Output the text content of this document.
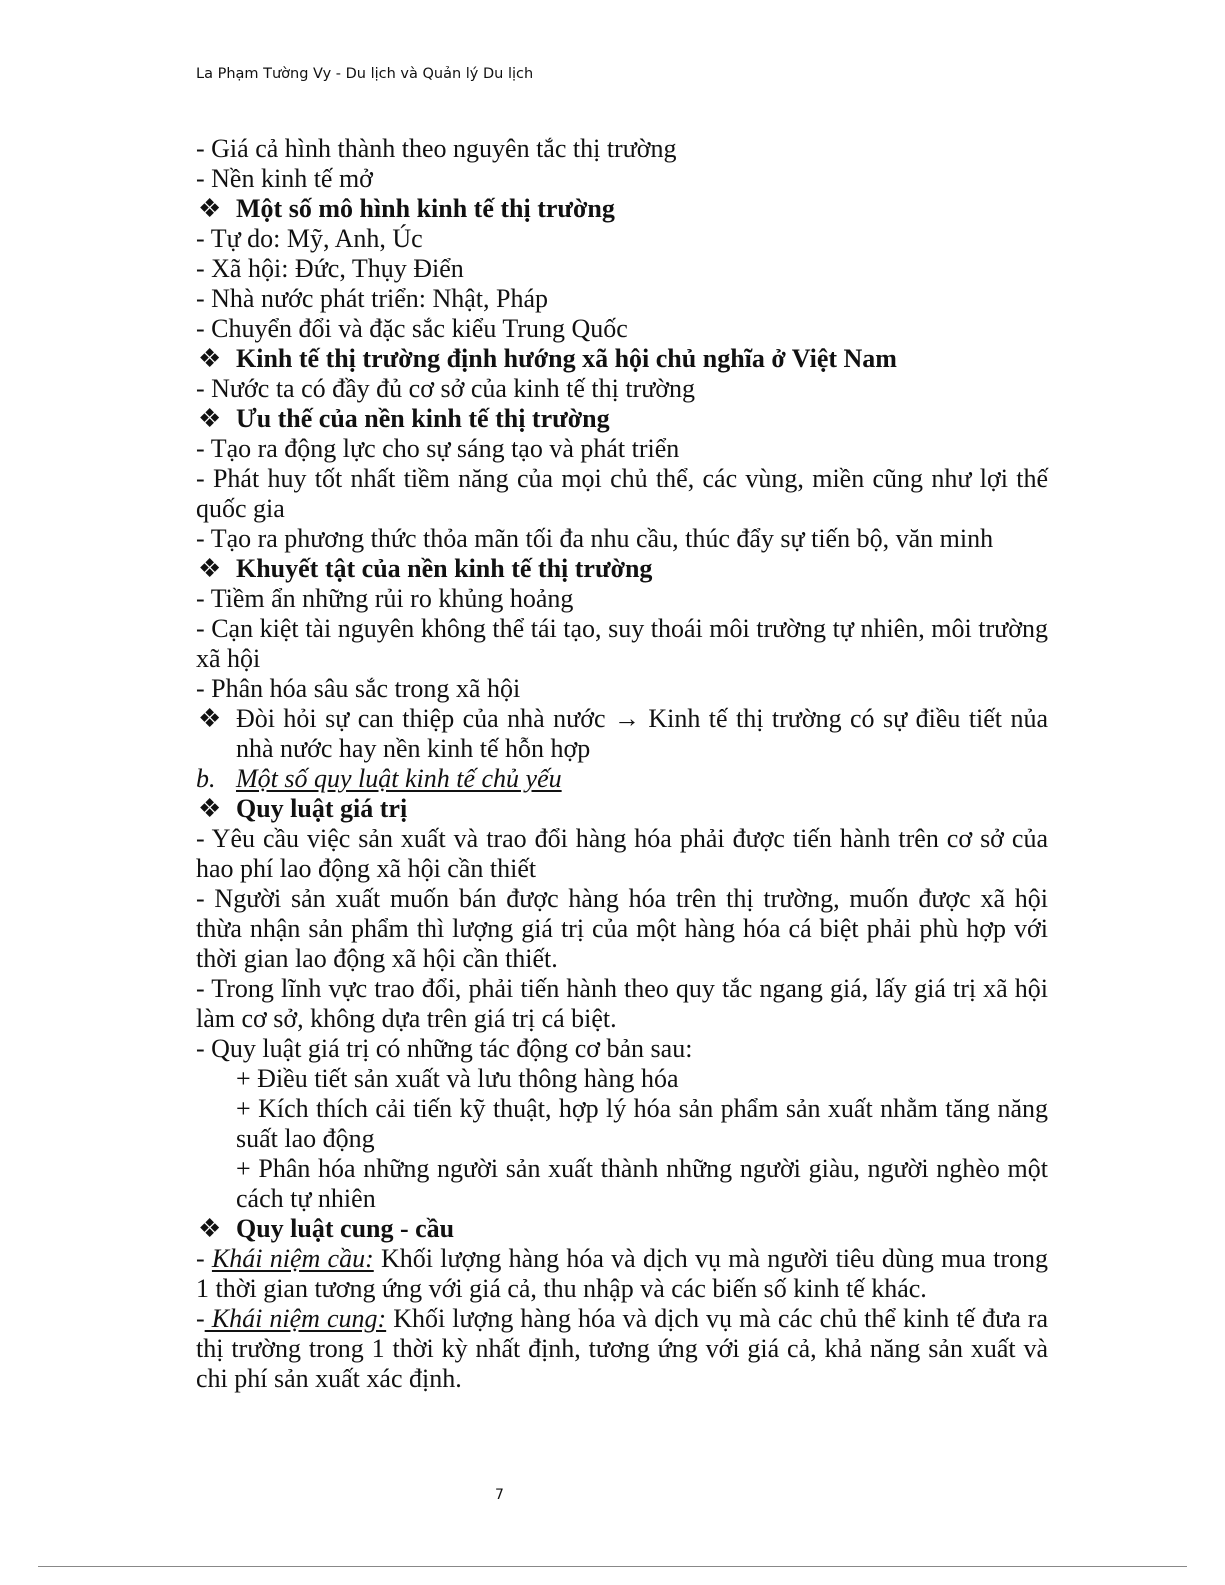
La Phạm Tường Vy - Du lịch và Quản lý Du lịch

- Giá cả hình thành theo nguyên tắc thị trường

- Nền kinh tế mở

❖ Một số mô hình kinh tế thị trường

- Tự do: Mỹ, Anh, Úc

- Xã hội: Đức, Thụy Điển

- Nhà nước phát triển: Nhật, Pháp

- Chuyển đổi và đặc sắc kiểu Trung Quốc

❖ Kinh tế thị trường định hướng xã hội chủ nghĩa ở Việt Nam

- Nước ta có đầy đủ cơ sở của kinh tế thị trường

❖ Ưu thế của nền kinh tế thị trường

- Tạo ra động lực cho sự sáng tạo và phát triển

- Phát huy tốt nhất tiềm năng của mọi chủ thể, các vùng, miền cũng như lợi thế quốc gia

- Tạo ra phương thức thỏa mãn tối đa nhu cầu, thúc đẩy sự tiến bộ, văn minh

❖ Khuyết tật của nền kinh tế thị trường

- Tiềm ẩn những rủi ro khủng hoảng

- Cạn kiệt tài nguyên không thể tái tạo, suy thoái môi trường tự nhiên, môi trường xã hội

- Phân hóa sâu sắc trong xã hội

❖ Đòi hỏi sự can thiệp của nhà nước → Kinh tế thị trường có sự điều tiết nủa nhà nước hay nền kinh tế hỗn hợp

b. Một số quy luật kinh tế chủ yếu

❖ Quy luật giá trị

- Yêu cầu việc sản xuất và trao đổi hàng hóa phải được tiến hành trên cơ sở của hao phí lao động xã hội cần thiết

- Người sản xuất muốn bán được hàng hóa trên thị trường, muốn được xã hội thừa nhận sản phẩm thì lượng giá trị của một hàng hóa cá biệt phải phù hợp với thời gian lao động xã hội cần thiết.

- Trong lĩnh vực trao đổi, phải tiến hành theo quy tắc ngang giá, lấy giá trị xã hội làm cơ sở, không dựa trên giá trị cá biệt.

- Quy luật giá trị có những tác động cơ bản sau:

+ Điều tiết sản xuất và lưu thông hàng hóa

+ Kích thích cải tiến kỹ thuật, hợp lý hóa sản phẩm sản xuất nhằm tăng năng suất lao động

+ Phân hóa những người sản xuất thành những người giàu, người nghèo một cách tự nhiên

❖ Quy luật cung - cầu

- Khái niệm cầu: Khối lượng hàng hóa và dịch vụ mà người tiêu dùng mua trong 1 thời gian tương ứng với giá cả, thu nhập và các biến số kinh tế khác.

- Khái niệm cung: Khối lượng hàng hóa và dịch vụ mà các chủ thể kinh tế đưa ra thị trường trong 1 thời kỳ nhất định, tương ứng với giá cả, khả năng sản xuất và chi phí sản xuất xác định.

7
